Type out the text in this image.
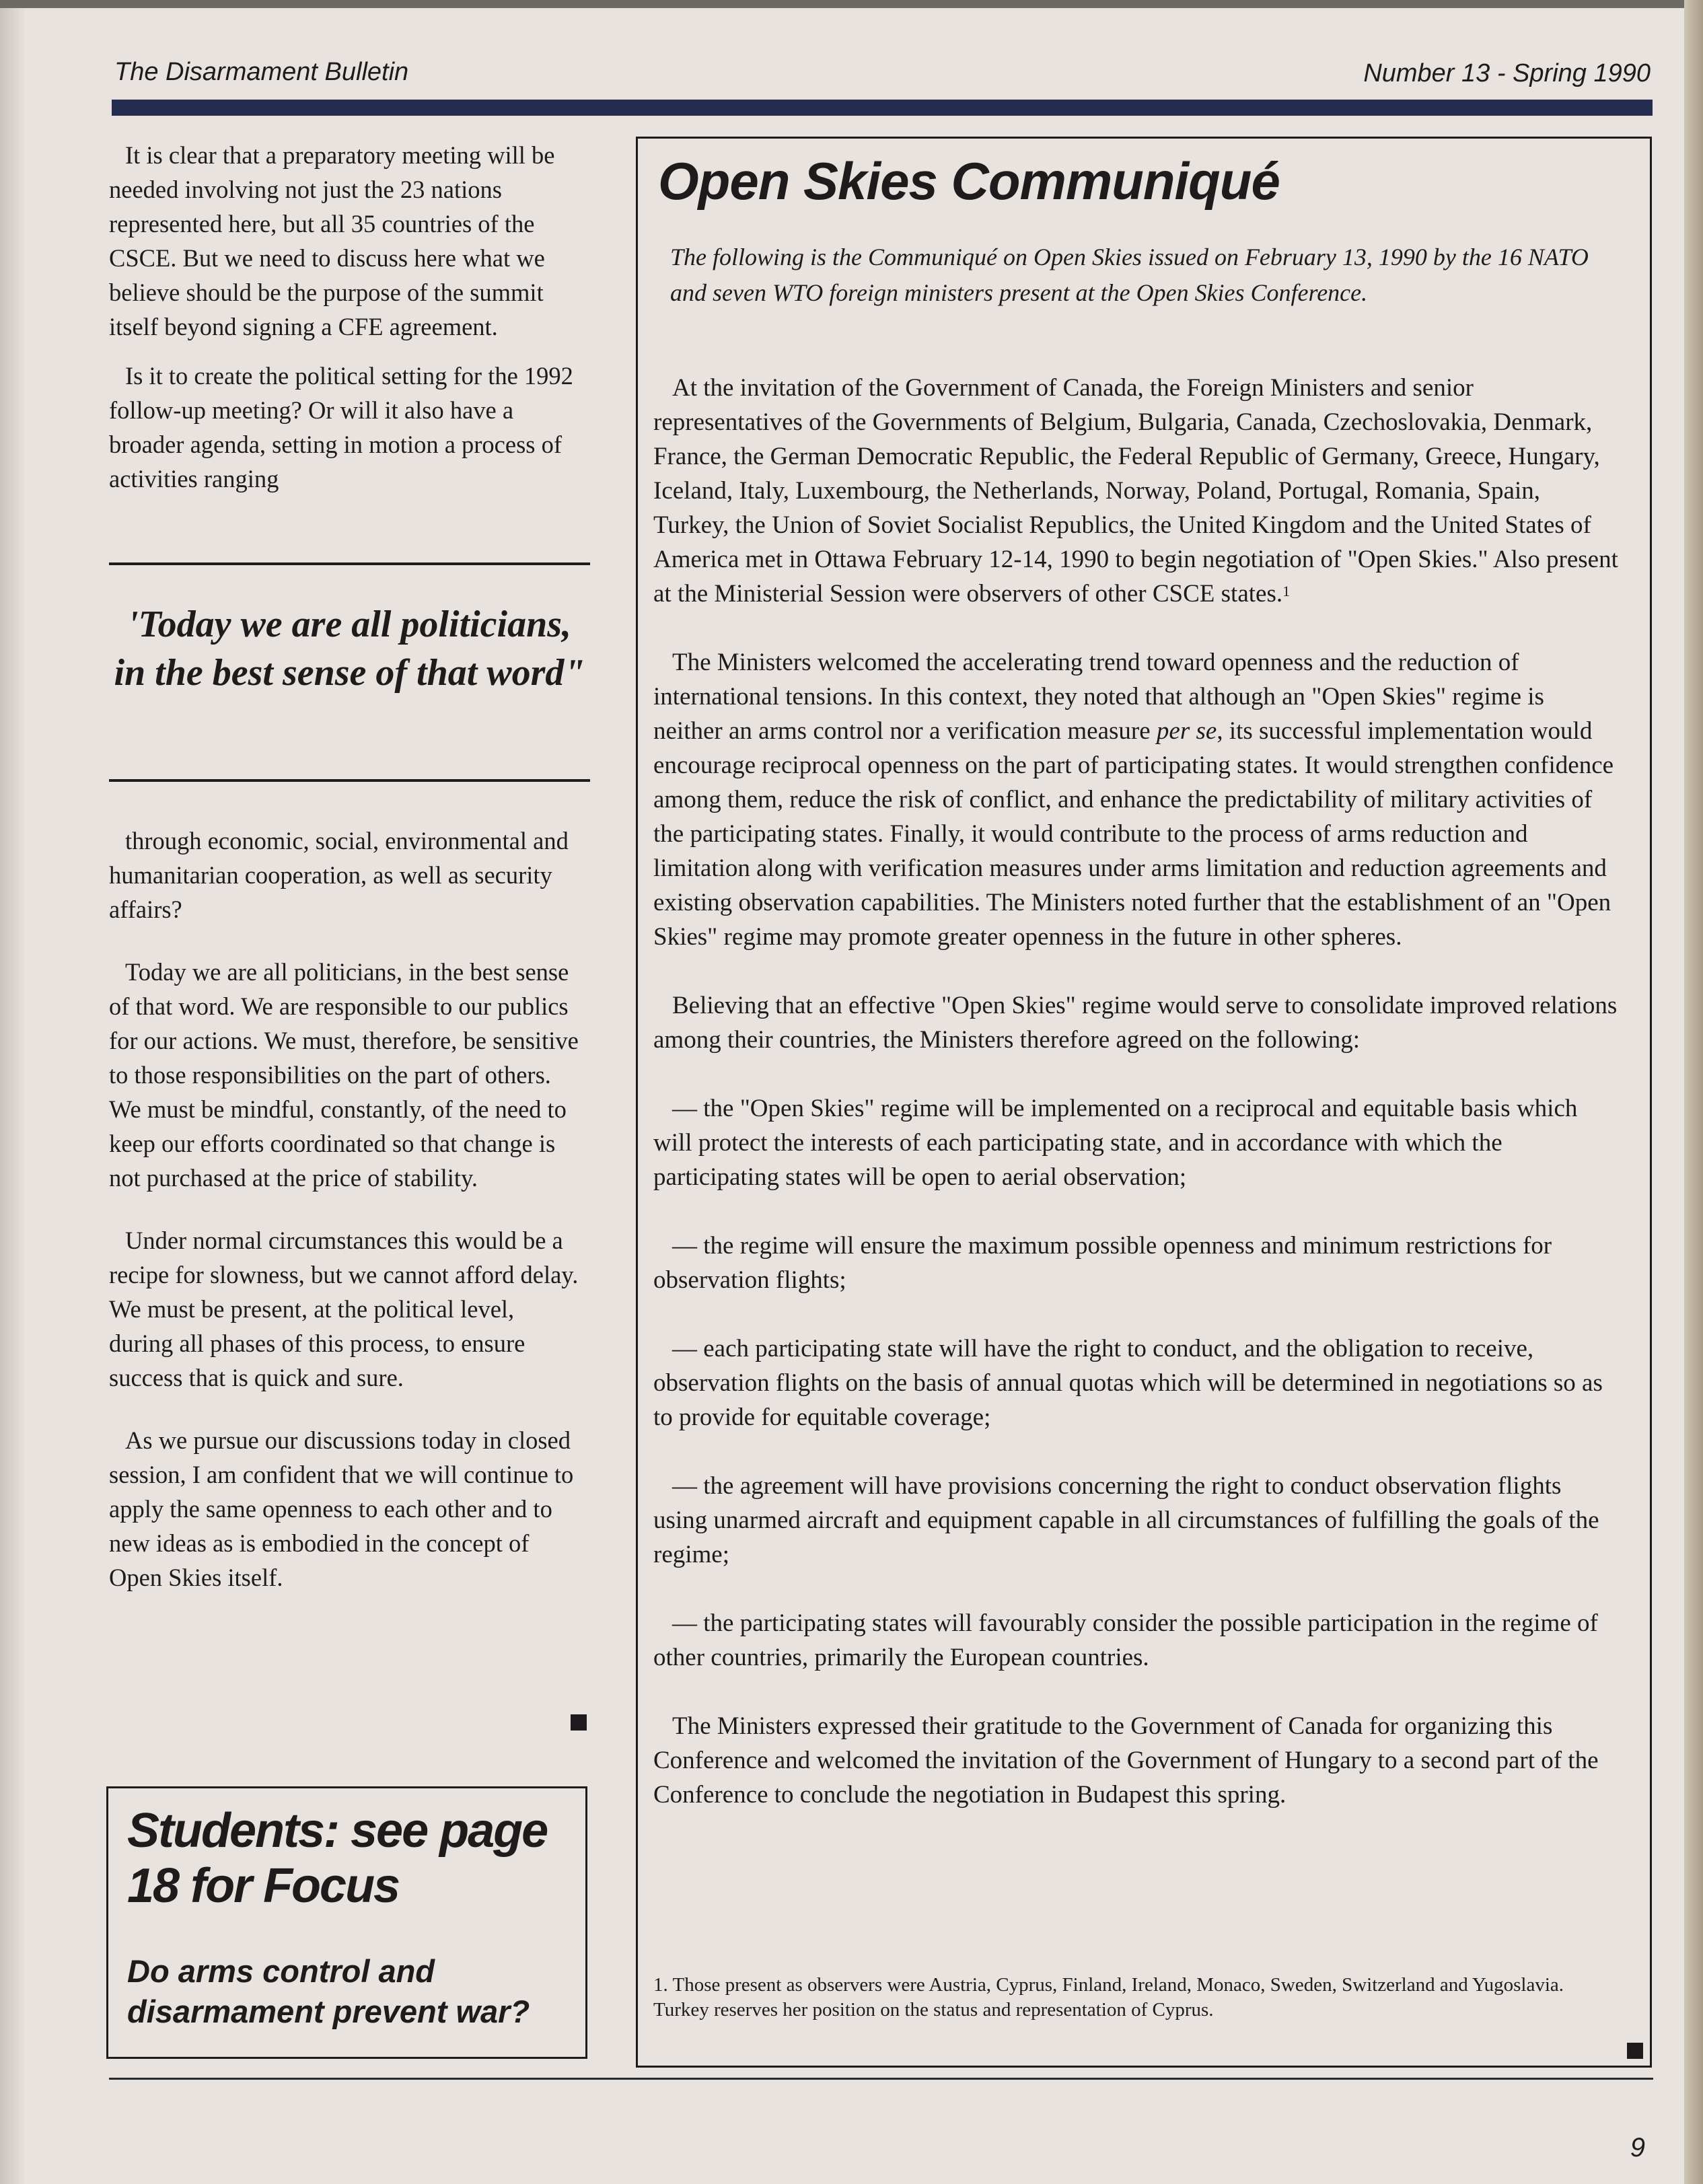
The Disarmament Bulletin	Number 13 - Spring 1990

It is clear that a preparatory meeting will be needed involving not just the 23 nations represented here, but all 35 countries of the CSCE. But we need to discuss here what we believe should be the purpose of the summit itself beyond signing a CFE agreement.

Is it to create the political setting for the 1992 follow-up meeting? Or will it also have a broader agenda, setting in motion a process of activities ranging

'Today we are all politicians, in the best sense of that word"

through economic, social, environmental and humanitarian cooperation, as well as security affairs?

Today we are all politicians, in the best sense of that word. We are responsible to our publics for our actions. We must, therefore, be sensitive to those responsibilities on the part of others. We must be mindful, constantly, of the need to keep our efforts coordinated so that change is not purchased at the price of stability.

Under normal circumstances this would be a recipe for slowness, but we cannot afford delay. We must be present, at the political level, during all phases of this process, to ensure success that is quick and sure.

As we pursue our discussions today in closed session, I am confident that we will continue to apply the same openness to each other and to new ideas as is embodied in the concept of Open Skies itself.

Students: see page 18 for Focus
Do arms control and disarmament prevent war?
Open Skies Communiqué
The following is the Communiqué on Open Skies issued on February 13, 1990 by the 16 NATO and seven WTO foreign ministers present at the Open Skies Conference.

At the invitation of the Government of Canada, the Foreign Ministers and senior representatives of the Governments of Belgium, Bulgaria, Canada, Czechoslovakia, Denmark, France, the German Democratic Republic, the Federal Republic of Germany, Greece, Hungary, Iceland, Italy, Luxembourg, the Netherlands, Norway, Poland, Portugal, Romania, Spain, Turkey, the Union of Soviet Socialist Republics, the United Kingdom and the United States of America met in Ottawa February 12-14, 1990 to begin negotiation of "Open Skies." Also present at the Ministerial Session were observers of other CSCE states.$^1$

The Ministers welcomed the accelerating trend toward openness and the reduction of international tensions. In this context, they noted that although an "Open Skies" regime is neither an arms control nor a verification measure per se, its successful implementation would encourage reciprocal openness on the part of participating states. It would strengthen confidence among them, reduce the risk of conflict, and enhance the predictability of military activities of the participating states. Finally, it would contribute to the process of arms reduction and limitation along with verification measures under arms limitation and reduction agreements and existing observation capabilities. The Ministers noted further that the establishment of an "Open Skies" regime may promote greater openness in the future in other spheres.

Believing that an effective "Open Skies" regime would serve to consolidate improved relations among their countries, the Ministers therefore agreed on the following:

— the "Open Skies" regime will be implemented on a reciprocal and equitable basis which will protect the interests of each participating state, and in accordance with which the participating states will be open to aerial observation;

— the regime will ensure the maximum possible openness and minimum restrictions for observation flights;

— each participating state will have the right to conduct, and the obligation to receive, observation flights on the basis of annual quotas which will be determined in negotiations so as to provide for equitable coverage;

— the agreement will have provisions concerning the right to conduct observation flights using unarmed aircraft and equipment capable in all circumstances of fulfilling the goals of the regime;

— the participating states will favourably consider the possible participation in the regime of other countries, primarily the European countries.

The Ministers expressed their gratitude to the Government of Canada for organizing this Conference and welcomed the invitation of the Government of Hungary to a second part of the Conference to conclude the negotiation in Budapest this spring.

1. Those present as observers were Austria, Cyprus, Finland, Ireland, Monaco, Sweden, Switzerland and Yugoslavia.
Turkey reserves her position on the status and representation of Cyprus.
9
